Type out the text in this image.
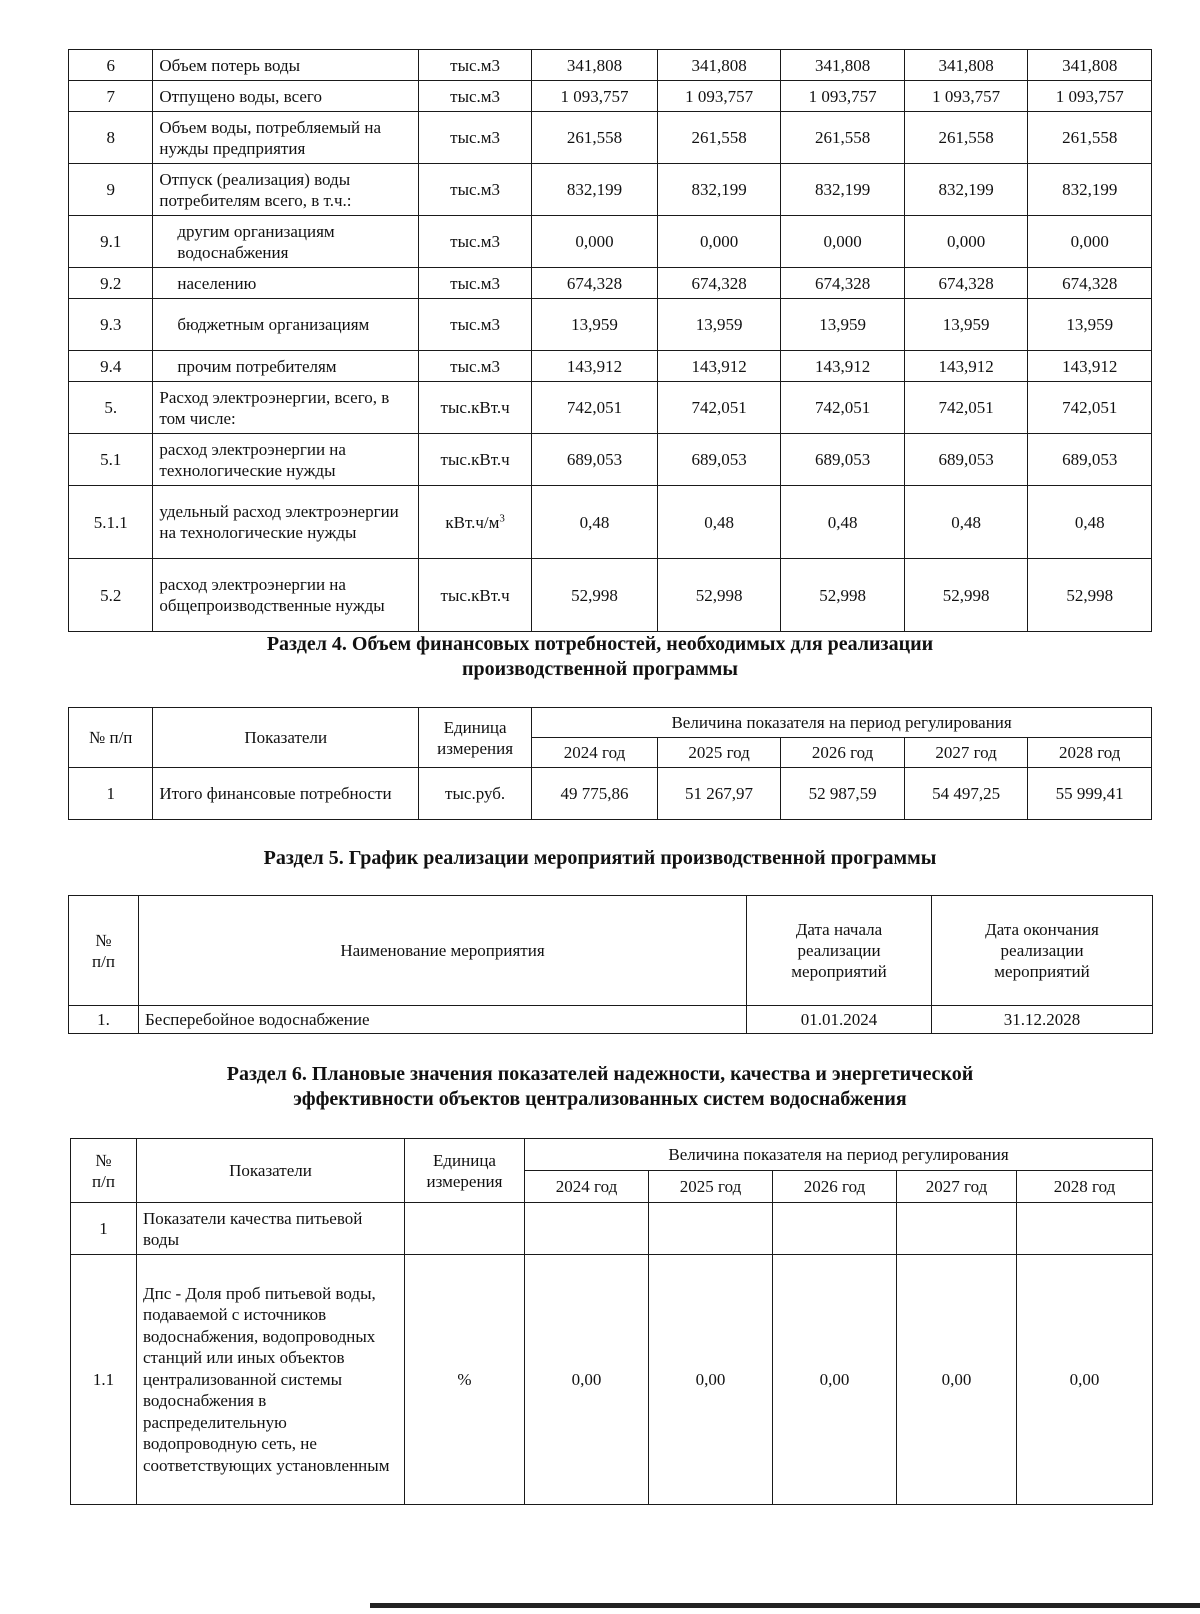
6	Объем потерь воды	тыс.м3	341,808	341,808	341,808	341,808	341,808
7	Отпущено воды, всего	тыс.м3	1 093,757	1 093,757	1 093,757	1 093,757	1 093,757
8	Объем воды, потребляемый на нужды предприятия	тыс.м3	261,558	261,558	261,558	261,558	261,558
9	Отпуск (реализация) воды потребителям всего, в т.ч.:	тыс.м3	832,199	832,199	832,199	832,199	832,199
9.1	другим организациям водоснабжения	тыс.м3	0,000	0,000	0,000	0,000	0,000
9.2	населению	тыс.м3	674,328	674,328	674,328	674,328	674,328
9.3	бюджетным организациям	тыс.м3	13,959	13,959	13,959	13,959	13,959
9.4	прочим потребителям	тыс.м3	143,912	143,912	143,912	143,912	143,912
5.	Расход электроэнергии, всего, в том числе:	тыс.кВт.ч	742,051	742,051	742,051	742,051	742,051
5.1	расход электроэнергии на технологические нужды	тыс.кВт.ч	689,053	689,053	689,053	689,053	689,053
5.1.1	удельный расход электроэнергии на технологические нужды	$кВт.ч/м^3$	0,48	0,48	0,48	0,48	0,48
5.2	расход электроэнергии на общепроизводственные нужды	тыс.кВт.ч	52,998	52,998	52,998	52,998	52,998
Раздел 4. Объем финансовых потребностей, необходимых для реализации
производственной программы
№ п/п	Показатели	Единица измерения	Величина показателя на период регулирования				
			2024 год	2025 год	2026 год	2027 год	2028 год
1	Итого финансовые потребности	тыс.руб.	49 775,86	51 267,97	52 987,59	54 497,25	55 999,41
Раздел 5. График реализации мероприятий производственной программы
№ п/п	Наименование мероприятия	Дата начала реализации мероприятий	Дата окончания реализации мероприятий
1.	Бесперебойное водоснабжение	01.01.2024	31.12.2028
Раздел 6. Плановые значения показателей надежности, качества и энергетической
эффективности объектов централизованных систем водоснабжения
№ п/п	Показатели	Единица измерения	Величина показателя на период регулирования				
			2024 год	2025 год	2026 год	2027 год	2028 год
1	Показатели качества питьевой воды						
1.1	Дпс - Доля проб питьевой воды, подаваемой с источников водоснабжения, водопроводных станций или иных объектов централизованной системы водоснабжения в распределительную водопроводную сеть, не соответствующих установленным	%	0,00	0,00	0,00	0,00	0,00
